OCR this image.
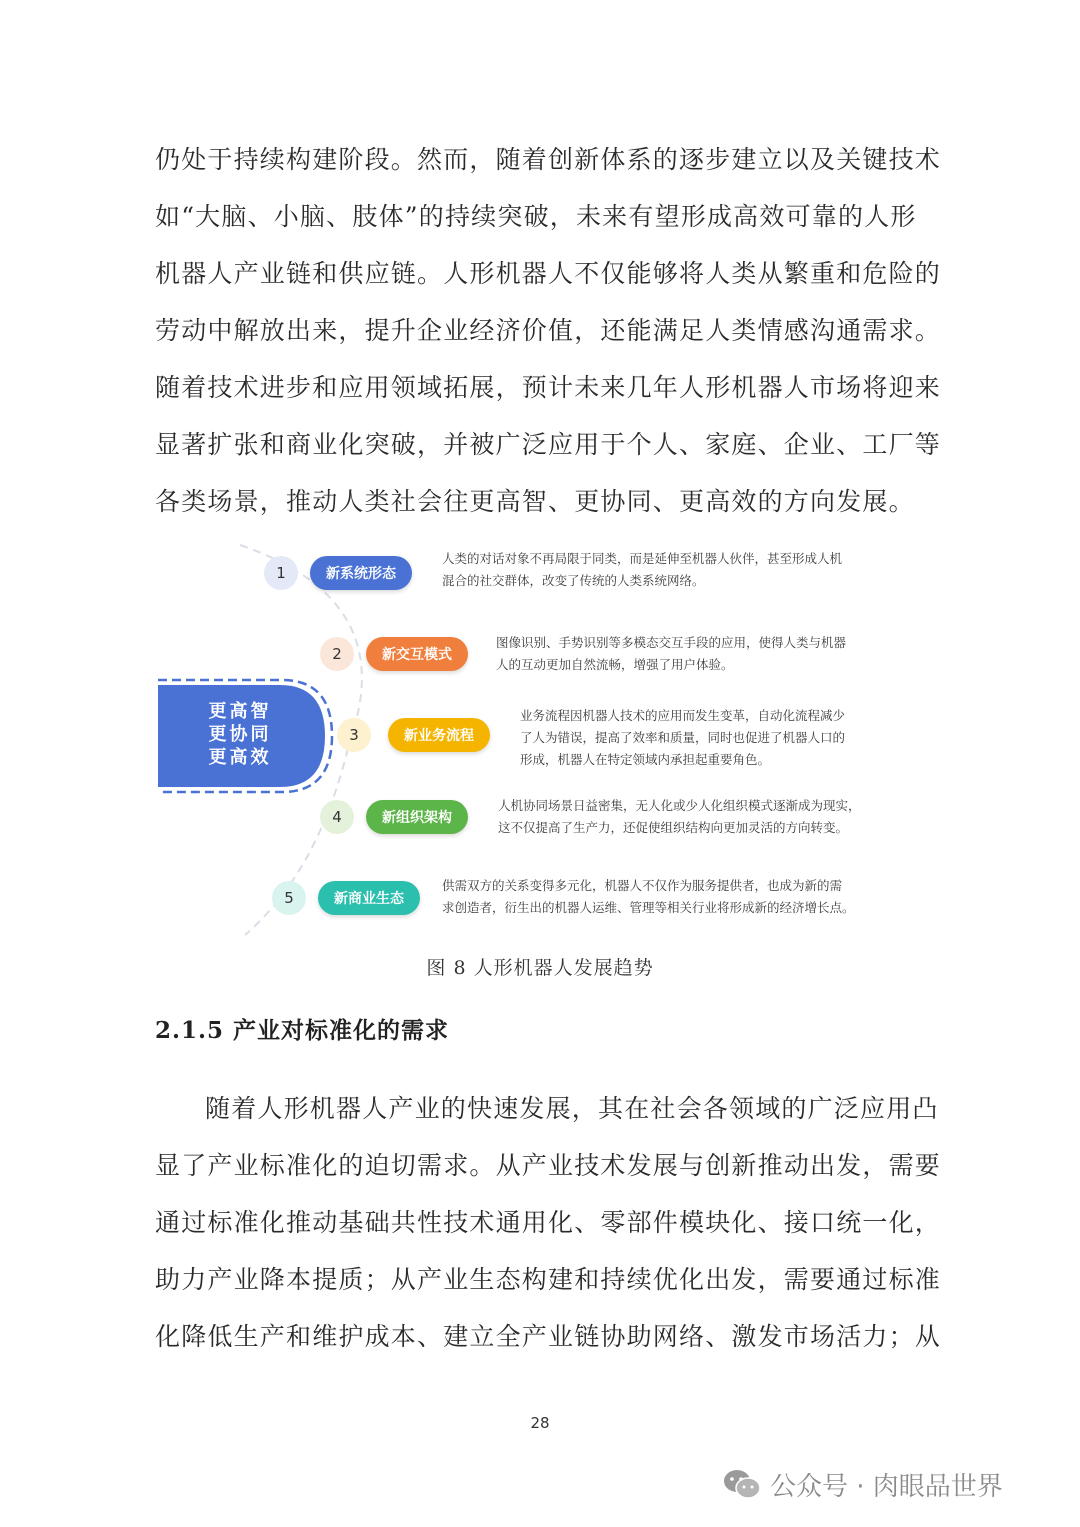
仍处于持续构建阶段。然而，随着创新体系的逐步建立以及关键技术
如“大脑、小脑、肢体”的持续突破，未来有望形成高效可靠的人形
机器人产业链和供应链。人形机器人不仅能够将人类从繁重和危险的
劳动中解放出来，提升企业经济价值，还能满足人类情感沟通需求。
随着技术进步和应用领域拓展，预计未来几年人形机器人市场将迎来
显著扩张和商业化突破，并被广泛应用于个人、家庭、企业、工厂等
各类场景，推动人类社会往更高智、更协同、更高效的方向发展。
更高智
更协同
更高效
1	新系统形态
人类的对话对象不再局限于同类，而是延伸至机器人伙伴，甚至形成人机
混合的社交群体，改变了传统的人类系统网络。
2	新交互模式
图像识别、手势识别等多模态交互手段的应用，使得人类与机器
人的互动更加自然流畅，增强了用户体验。
3	新业务流程
业务流程因机器人技术的应用而发生变革，自动化流程减少
了人为错误，提高了效率和质量，同时也促进了机器人口的
形成，机器人在特定领域内承担起重要角色。
4	新组织架构
人机协同场景日益密集，无人化或少人化组织模式逐渐成为现实，
这不仅提高了生产力，还促使组织结构向更加灵活的方向转变。
5	新商业生态
供需双方的关系变得多元化，机器人不仅作为服务提供者，也成为新的需
求创造者，衍生出的机器人运维、管理等相关行业将形成新的经济增长点。
图 8 人形机器人发展趋势
2.1.5 产业对标准化的需求
随着人形机器人产业的快速发展，其在社会各领域的广泛应用凸
显了产业标准化的迫切需求。从产业技术发展与创新推动出发，需要
通过标准化推动基础共性技术通用化、零部件模块化、接口统一化，
助力产业降本提质；从产业生态构建和持续优化出发，需要通过标准
化降低生产和维护成本、建立全产业链协助网络、激发市场活力；从
28
公众号 · 肉眼品世界
